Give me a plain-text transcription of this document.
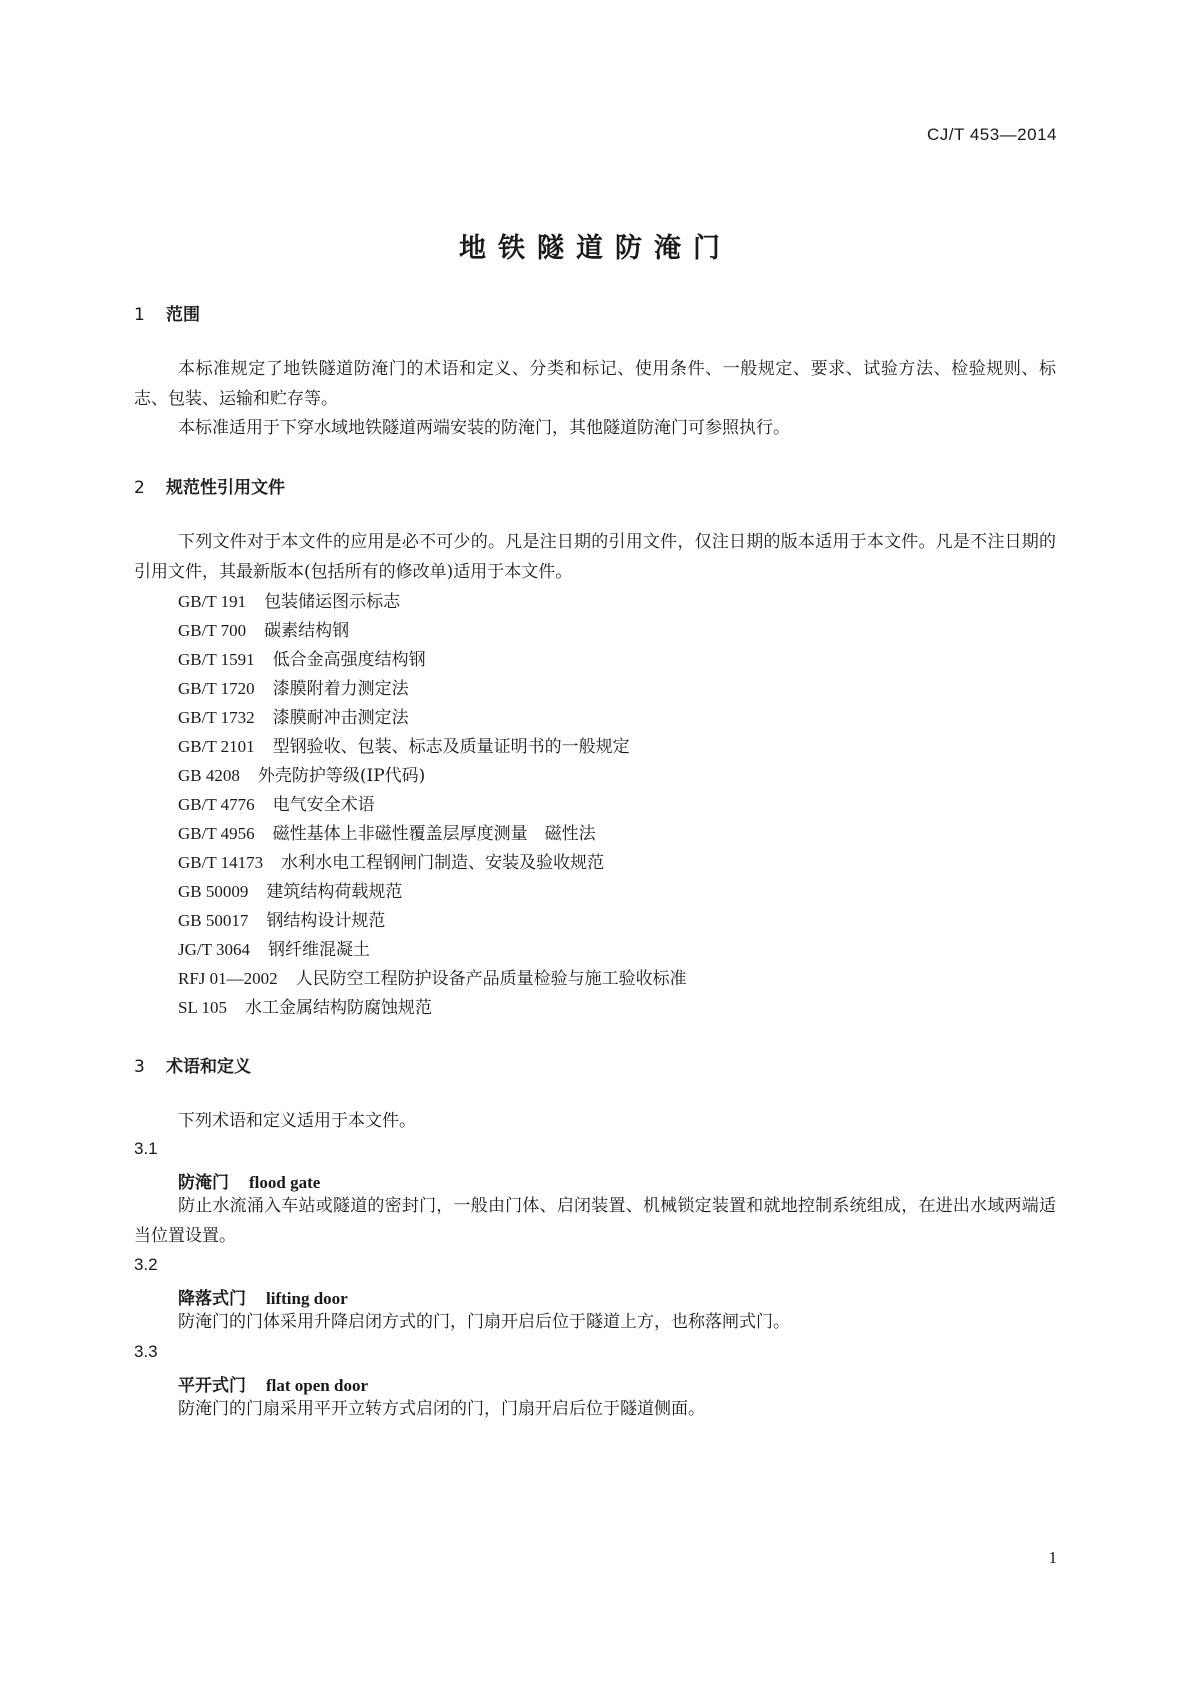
CJ/T 453—2014
地铁隧道防淹门
1 范围
本标准规定了地铁隧道防淹门的术语和定义、分类和标记、使用条件、一般规定、要求、试验方法、检验规则、标志、包装、运输和贮存等。
本标准适用于下穿水域地铁隧道两端安装的防淹门，其他隧道防淹门可参照执行。
2 规范性引用文件
下列文件对于本文件的应用是必不可少的。凡是注日期的引用文件，仅注日期的版本适用于本文件。凡是不注日期的引用文件，其最新版本(包括所有的修改单)适用于本文件。
GB/T 191 包装储运图示标志
GB/T 700 碳素结构钢
GB/T 1591 低合金高强度结构钢
GB/T 1720 漆膜附着力测定法
GB/T 1732 漆膜耐冲击测定法
GB/T 2101 型钢验收、包装、标志及质量证明书的一般规定
GB 4208 外壳防护等级(IP代码)
GB/T 4776 电气安全术语
GB/T 4956 磁性基体上非磁性覆盖层厚度测量　磁性法
GB/T 14173 水利水电工程钢闸门制造、安装及验收规范
GB 50009 建筑结构荷载规范
GB 50017 钢结构设计规范
JG/T 3064 钢纤维混凝土
RFJ 01—2002 人民防空工程防护设备产品质量检验与施工验收标准
SL 105 水工金属结构防腐蚀规范
3 术语和定义
下列术语和定义适用于本文件。
3.1
防淹门 flood gate
防止水流涌入车站或隧道的密封门，一般由门体、启闭装置、机械锁定装置和就地控制系统组成，在进出水域两端适当位置设置。
3.2
降落式门 lifting door
防淹门的门体采用升降启闭方式的门，门扇开启后位于隧道上方，也称落闸式门。
3.3
平开式门 flat open door
防淹门的门扇采用平开立转方式启闭的门，门扇开启后位于隧道侧面。
1
